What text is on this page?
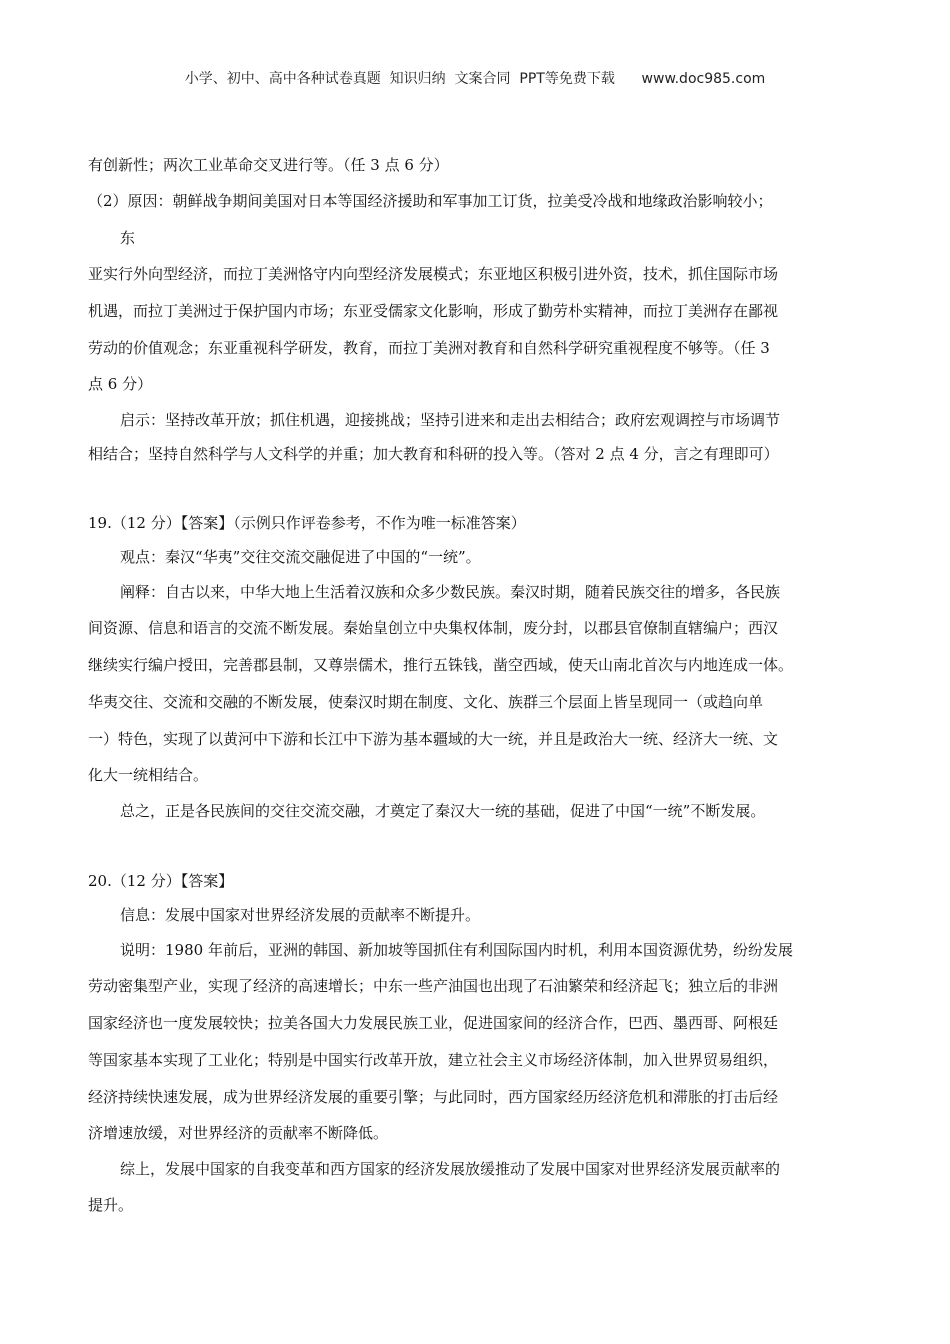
小学、初中、高中各种试卷真题  知识归纳  文案合同  PPT等免费下载      www.doc985.com
有创新性；两次工业革命交叉进行等。（任 3 点 6 分）
（2）原因：朝鲜战争期间美国对日本等国经济援助和军事加工订货，拉美受冷战和地缘政治影响较小；
东
亚实行外向型经济，而拉丁美洲恪守内向型经济发展模式；东亚地区积极引进外资，技术，抓住国际市场
机遇，而拉丁美洲过于保护国内市场；东亚受儒家文化影响，形成了勤劳朴实精神，而拉丁美洲存在鄙视
劳动的价值观念；东亚重视科学研发，教育，而拉丁美洲对教育和自然科学研究重视程度不够等。（任 3
点 6 分）
启示：坚持改革开放；抓住机遇，迎接挑战；坚持引进来和走出去相结合；政府宏观调控与市场调节
相结合；坚持自然科学与人文科学的并重；加大教育和科研的投入等。（答对 2 点 4 分，言之有理即可）
19.（12 分）【答案】（示例只作评卷参考，不作为唯一标准答案）
观点：秦汉“华夷”交往交流交融促进了中国的“一统”。
阐释：自古以来，中华大地上生活着汉族和众多少数民族。秦汉时期，随着民族交往的增多，各民族
间资源、信息和语言的交流不断发展。秦始皇创立中央集权体制，废分封，以郡县官僚制直辖编户；西汉
继续实行编户授田，完善郡县制，又尊崇儒术，推行五铢钱，凿空西域，使天山南北首次与内地连成一体。
华夷交往、交流和交融的不断发展，使秦汉时期在制度、文化、族群三个层面上皆呈现同一（或趋向单
一）特色，实现了以黄河中下游和长江中下游为基本疆域的大一统，并且是政治大一统、经济大一统、文
化大一统相结合。
总之，正是各民族间的交往交流交融，才奠定了秦汉大一统的基础，促进了中国“一统”不断发展。
20.（12 分）【答案】
信息：发展中国家对世界经济发展的贡献率不断提升。
说明：1980 年前后，亚洲的韩国、新加坡等国抓住有利国际国内时机，利用本国资源优势，纷纷发展
劳动密集型产业，实现了经济的高速增长；中东一些产油国也出现了石油繁荣和经济起飞；独立后的非洲
国家经济也一度发展较快；拉美各国大力发展民族工业，促进国家间的经济合作，巴西、墨西哥、阿根廷
等国家基本实现了工业化；特别是中国实行改革开放，建立社会主义市场经济体制，加入世界贸易组织，
经济持续快速发展，成为世界经济发展的重要引擎；与此同时，西方国家经历经济危机和滞胀的打击后经
济增速放缓，对世界经济的贡献率不断降低。
综上，发展中国家的自我变革和西方国家的经济发展放缓推动了发展中国家对世界经济发展贡献率的
提升。
